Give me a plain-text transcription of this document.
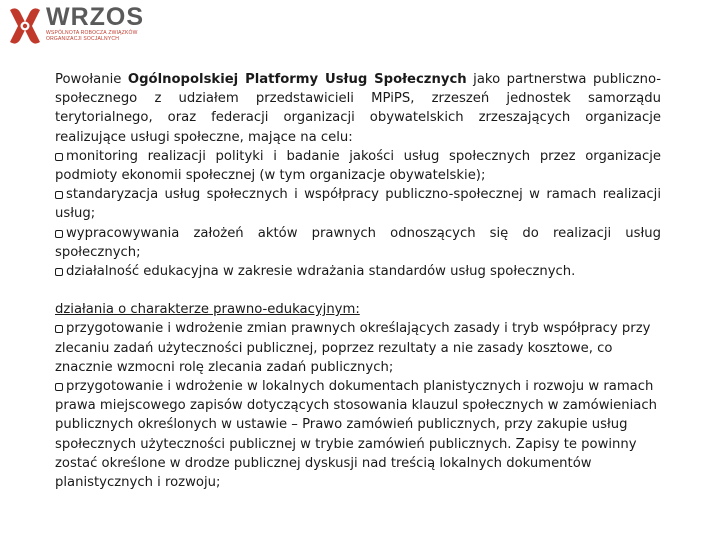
WRZOS
WSPÓLNOTA ROBOCZА ZWIĄZKÓW
ORGANIZACJI SOCJALNYCH

Powołanie Ogólnopolskiej Platformy Usług Społecznych jako partnerstwa publiczno-społecznego z udziałem przedstawicieli MPiPS, zrzeszeń jednostek samorządu terytorialnego, oraz federacji organizacji obywatelskich zrzeszających organizacje realizujące usługi społeczne, mające na celu:

monitoring realizacji polityki i badanie jakości usług społecznych przez organizacje podmioty ekonomii społecznej (w tym organizacje obywatelskie);

standaryzacja usług społecznych i współpracy publiczno-społecznej w ramach realizacji usług;

wypracowywania założeń aktów prawnych odnoszących się do realizacji usług społecznych;

działalność edukacyjna w zakresie wdrażania standardów usług społecznych.

działania o charakterze prawno-edukacyjnym:

przygotowanie i wdrożenie zmian prawnych określających zasady i tryb współpracy przy zlecaniu zadań użyteczności publicznej, poprzez rezultaty a nie zasady kosztowe, co znacznie wzmocni rolę zlecania zadań publicznych;

przygotowanie i wdrożenie w lokalnych dokumentach planistycznych i rozwoju w ramach prawa miejscowego zapisów dotyczących stosowania klauzul społecznych w zamówieniach publicznych określonych w ustawie – Prawo zamówień publicznych, przy zakupie usług społecznych użyteczności publicznej w trybie zamówień publicznych. Zapisy te powinny zostać określone w drodze publicznej dyskusji nad treścią lokalnych dokumentów planistycznych i rozwoju;
